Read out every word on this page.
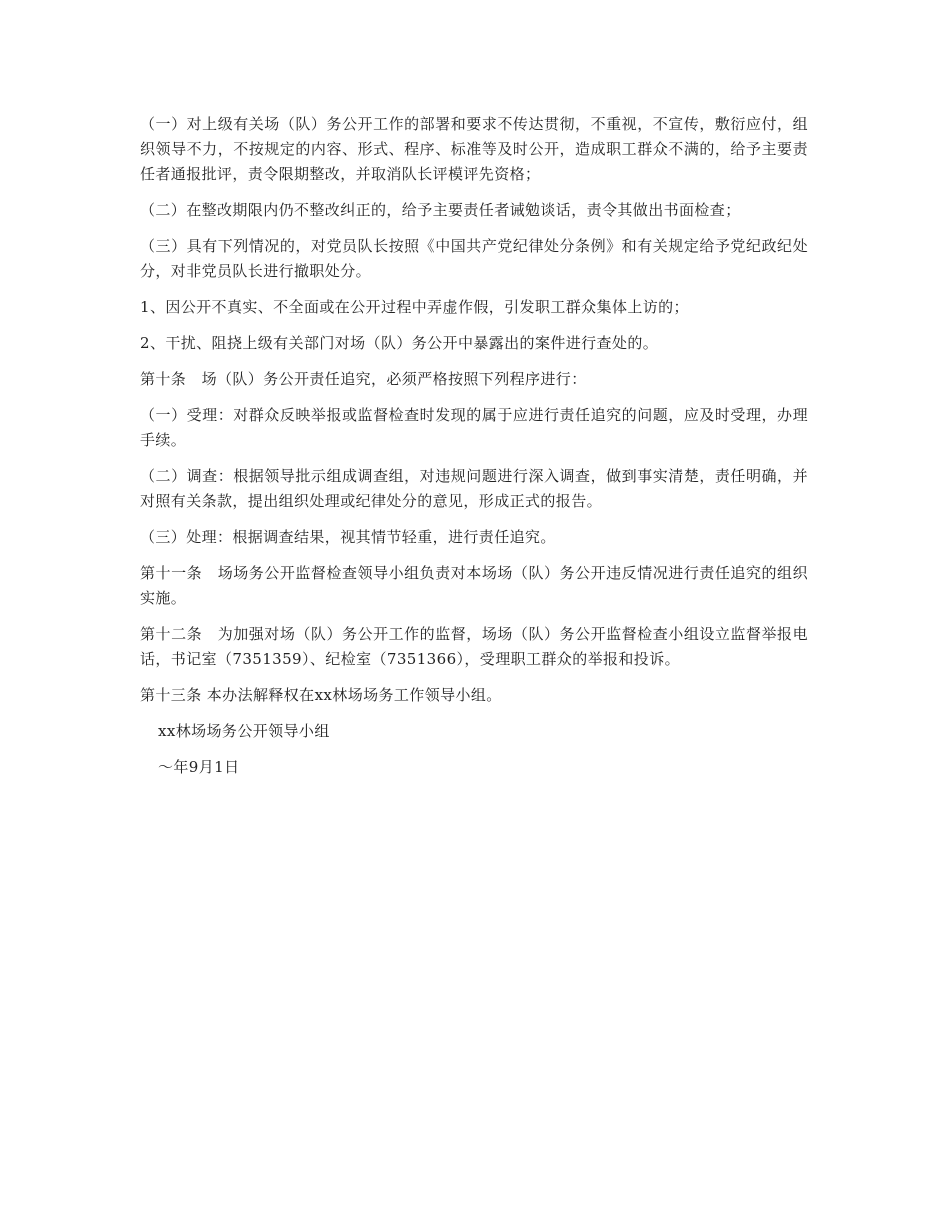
（一）对上级有关场（队）务公开工作的部署和要求不传达贯彻，不重视，不宣传，敷衍应付，组织领导不力，不按规定的内容、形式、程序、标准等及时公开，造成职工群众不满的，给予主要责任者通报批评，责令限期整改，并取消队长评模评先资格；

（二）在整改期限内仍不整改纠正的，给予主要责任者诫勉谈话，责令其做出书面检查；

（三）具有下列情况的，对党员队长按照《中国共产党纪律处分条例》和有关规定给予党纪政纪处分，对非党员队长进行撤职处分。

1、因公开不真实、不全面或在公开过程中弄虚作假，引发职工群众集体上访的；

2、干扰、阻挠上级有关部门对场（队）务公开中暴露出的案件进行查处的。

第十条　场（队）务公开责任追究，必须严格按照下列程序进行：

（一）受理：对群众反映举报或监督检查时发现的属于应进行责任追究的问题，应及时受理，办理手续。

（二）调查：根据领导批示组成调查组，对违规问题进行深入调查，做到事实清楚，责任明确，并对照有关条款，提出组织处理或纪律处分的意见，形成正式的报告。

（三）处理：根据调查结果，视其情节轻重，进行责任追究。

第十一条　场场务公开监督检查领导小组负责对本场场（队）务公开违反情况进行责任追究的组织实施。

第十二条　为加强对场（队）务公开工作的监督，场场（队）务公开监督检查小组设立监督举报电话，书记室（7351359）、纪检室（7351366），受理职工群众的举报和投诉。

第十三条 本办法解释权在xx林场场务工作领导小组。

xx林场场务公开领导小组

～年9月1日
